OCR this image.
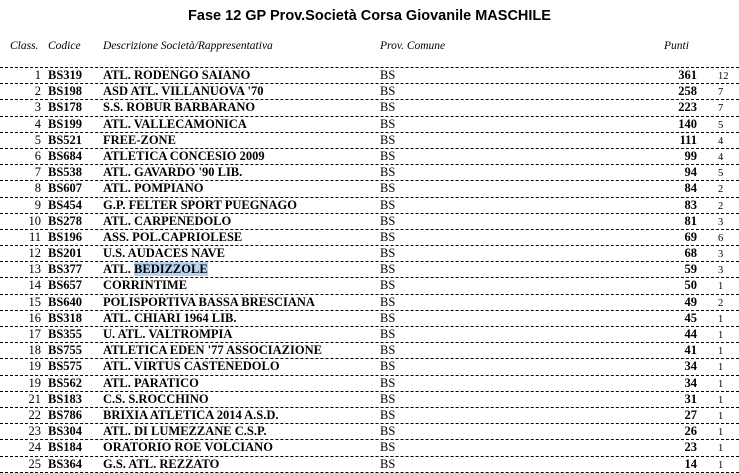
Fase 12 GP Prov.Società Corsa Giovanile MASCHILE
Class. Codice Descrizione Società/Rappresentativa	Prov. Comune	Punti
1 BS319 ATL. RODENGO SAIANO	BS	361 12
2 BS198 ASD ATL. VILLANUOVA '70	BS	258 7
3 BS178 S.S. ROBUR BARBARANO	BS	223 7
4 BS199 ATL. VALLECAMONICA	BS	140 5
5 BS521 FREE-ZONE	BS	111 4
6 BS684 ATLETICA CONCESIO 2009	BS	99 4
7 BS538 ATL. GAVARDO '90 LIB.	BS	94 5
8 BS607 ATL. POMPIANO	BS	84 2
9 BS454 G.P. FELTER SPORT PUEGNAGO	BS	83 2
10 BS278 ATL. CARPENEDOLO	BS	81 3
11 BS196 ASS. POL.CAPRIOLESE	BS	69 6
12 BS201 U.S. AUDACES NAVE	BS	68 3
13 BS377 ATL. BEDIZZOLE	BS	59 3
14 BS657 CORRINTIME	BS	50 1
15 BS640 POLISPORTIVA BASSA BRESCIANA	BS	49 2
16 BS318 ATL. CHIARI 1964 LIB.	BS	45 1
17 BS355 U. ATL. VALTROMPIA	BS	44 1
18 BS755 ATLETICA EDEN '77 ASSOCIAZIONE	BS	41 1
19 BS575 ATL. VIRTUS CASTENEDOLO	BS	34 1
19 BS562 ATL. PARATICO	BS	34 1
21 BS183 C.S. S.ROCCHINO	BS	31 1
22 BS786 BRIXIA ATLETICA 2014 A.S.D.	BS	27 1
23 BS304 ATL. DI LUMEZZANE C.S.P.	BS	26 1
24 BS184 ORATORIO ROE VOLCIANO	BS	23 1
25 BS364 G.S. ATL. REZZATO	BS	14 1
